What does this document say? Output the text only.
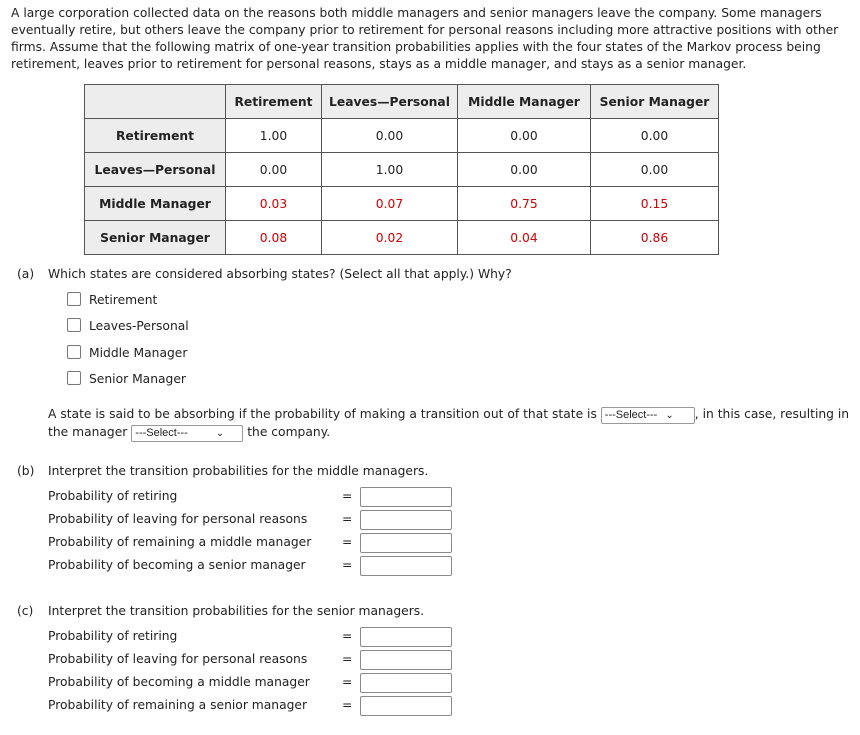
A large corporation collected data on the reasons both middle managers and senior managers leave the company. Some managers eventually retire, but others leave the company prior to retirement for personal reasons including more attractive positions with other firms. Assume that the following matrix of one-year transition probabilities applies with the four states of the Markov process being retirement, leaves prior to retirement for personal reasons, stays as a middle manager, and stays as a senior manager.

	Retirement	Leaves—Personal	Middle Manager	Senior Manager
Retirement	1.00	0.00	0.00	0.00
Leaves—Personal	0.00	1.00	0.00	0.00
Middle Manager	0.03	0.07	0.75	0.15
Senior Manager	0.08	0.02	0.04	0.86
(a) Which states are considered absorbing states? (Select all that apply.) Why?
Retirement
Leaves-Personal
Middle Manager
Senior Manager
A state is said to be absorbing if the probability of making a transition out of that state is ---Select--- ⌄ , in this case, resulting in
the manager ---Select---	⌄ the company.
(b) Interpret the transition probabilities for the middle managers.
Probability of retiring	=
Probability of leaving for personal reasons	=
Probability of remaining a middle manager =
Probability of becoming a senior manager	=
(c) Interpret the transition probabilities for the senior managers.
Probability of retiring	=
Probability of leaving for personal reasons	=
Probability of becoming a middle manager	=
Probability of remaining a senior manager	=
